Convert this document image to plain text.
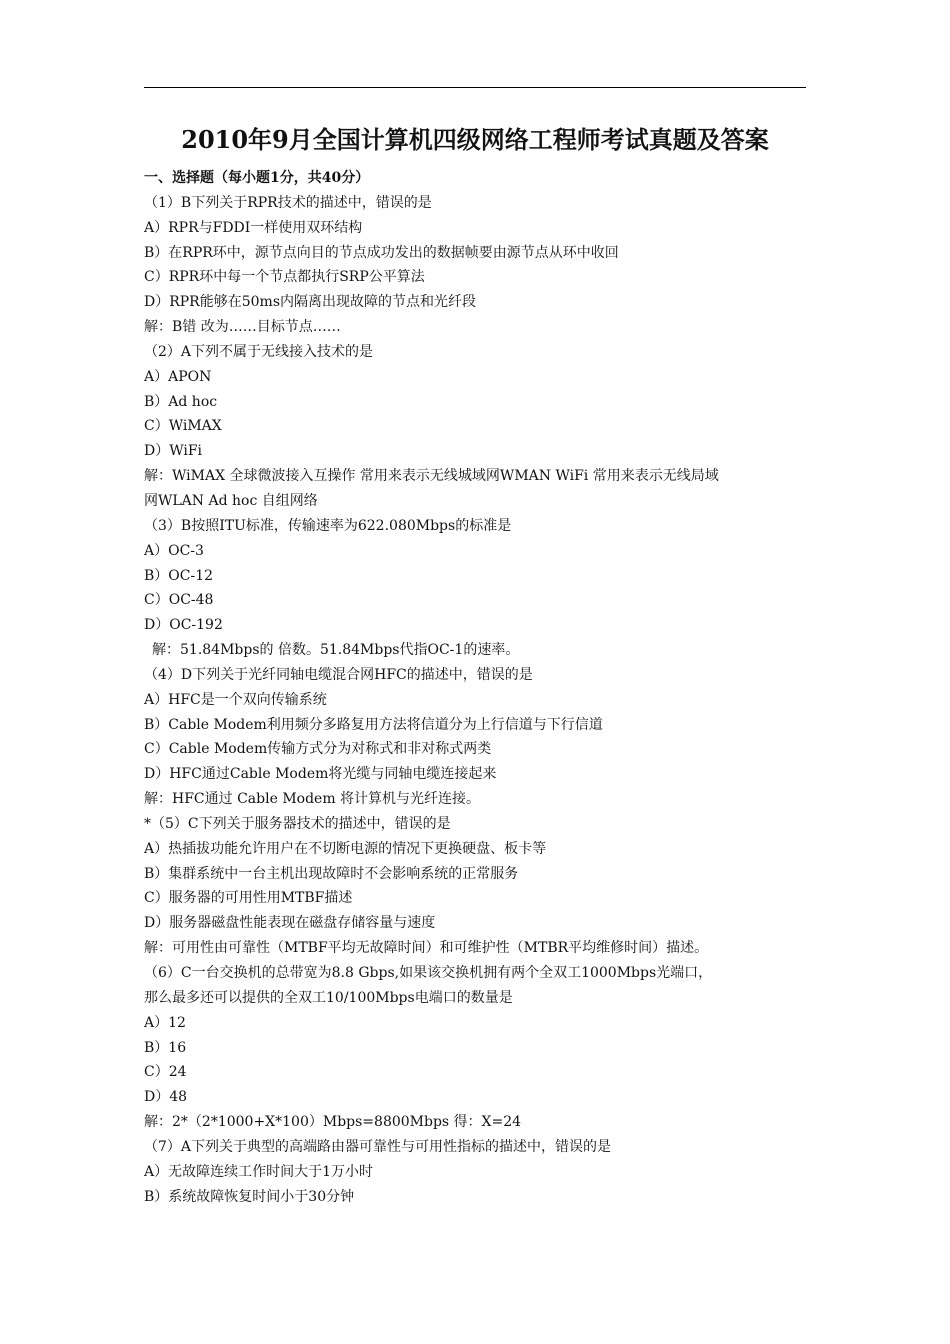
2010年9月全国计算机四级网络工程师考试真题及答案
一、选择题（每小题1分，共40分）
（1）B下列关于RPR技术的描述中，错误的是
A）RPR与FDDI一样使用双环结构
B）在RPR环中，源节点向目的节点成功发出的数据帧要由源节点从环中收回
C）RPR环中每一个节点都执行SRP公平算法
D）RPR能够在50ms内隔离出现故障的节点和光纤段
解：B错 改为……目标节点……
（2）A下列不属于无线接入技术的是
A）APON
B）Ad hoc
C）WiMAX
D）WiFi
解：WiMAX 全球微波接入互操作 常用来表示无线城域网WMAN WiFi 常用来表示无线局域
网WLAN Ad hoc 自组网络
（3）B按照ITU标准，传输速率为622.080Mbps的标准是
A）OC-3
B）OC-12
C）OC-48
D）OC-192
解：51.84Mbps的 倍数。51.84Mbps代指OC-1的速率。
（4）D下列关于光纤同轴电缆混合网HFC的描述中，错误的是
A）HFC是一个双向传输系统
B）Cable Modem利用频分多路复用方法将信道分为上行信道与下行信道
C）Cable Modem传输方式分为对称式和非对称式两类
D）HFC通过Cable Modem将光缆与同轴电缆连接起来
解：HFC通过 Cable Modem 将计算机与光纤连接。
*（5）C下列关于服务器技术的描述中，错误的是
A）热插拔功能允许用户在不切断电源的情况下更换硬盘、板卡等
B）集群系统中一台主机出现故障时不会影响系统的正常服务
C）服务器的可用性用MTBF描述
D）服务器磁盘性能表现在磁盘存储容量与速度
解：可用性由可靠性（MTBF平均无故障时间）和可维护性（MTBR平均维修时间）描述。
（6）C一台交换机的总带宽为8.8 Gbps,如果该交换机拥有两个全双工1000Mbps光端口，
那么最多还可以提供的全双工10/100Mbps电端口的数量是
A）12
B）16
C）24
D）48
解：2*（2*1000+X*100）Mbps=8800Mbps 得：X=24
（7）A下列关于典型的高端路由器可靠性与可用性指标的描述中，错误的是
A）无故障连续工作时间大于1万小时
B）系统故障恢复时间小于30分钟
